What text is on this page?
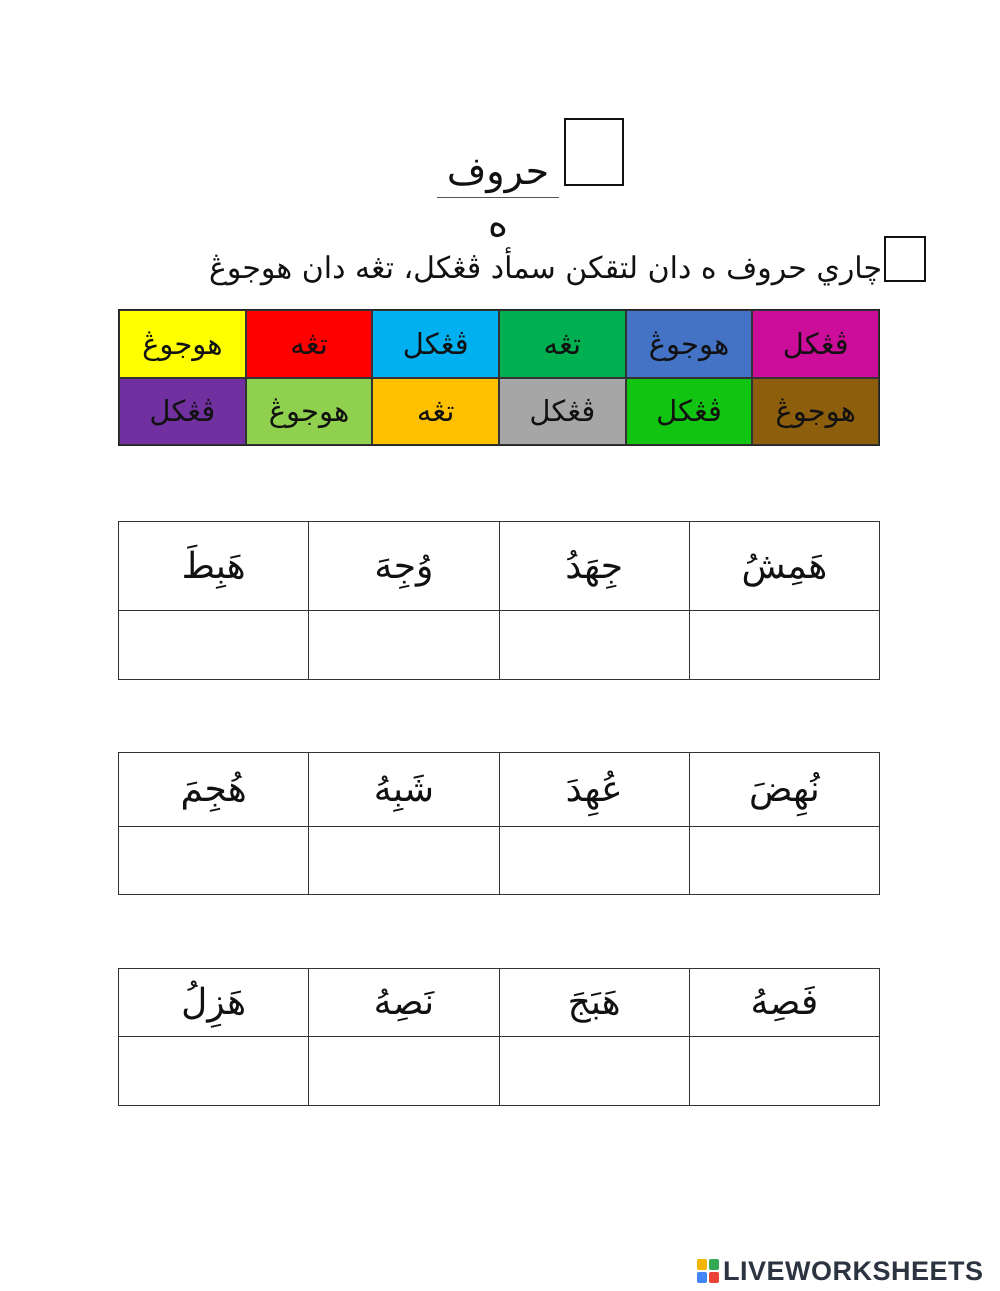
حروف ه
چاري حروف ه دان لتقكن سمأد ڤڠكل، تڠه دان هوجوڠ
هوجوڠ	تڠه	ڤڠكل	تڠه	هوجوڠ	ڤڠكل
ڤڠكل	هوجوڠ	تڠه	ڤڠكل	ڤڠكل	هوجوڠ
هَبِطَ	وُجِهَ	جِهَدُ	هَمِشُ

هُجِمَ	شَبِهُ	عُهِدَ	نُهِضَ

هَزِلُ	نَصِهُ	هَبَجَ	فَصِهُ

LIVEWORKSHEETS
